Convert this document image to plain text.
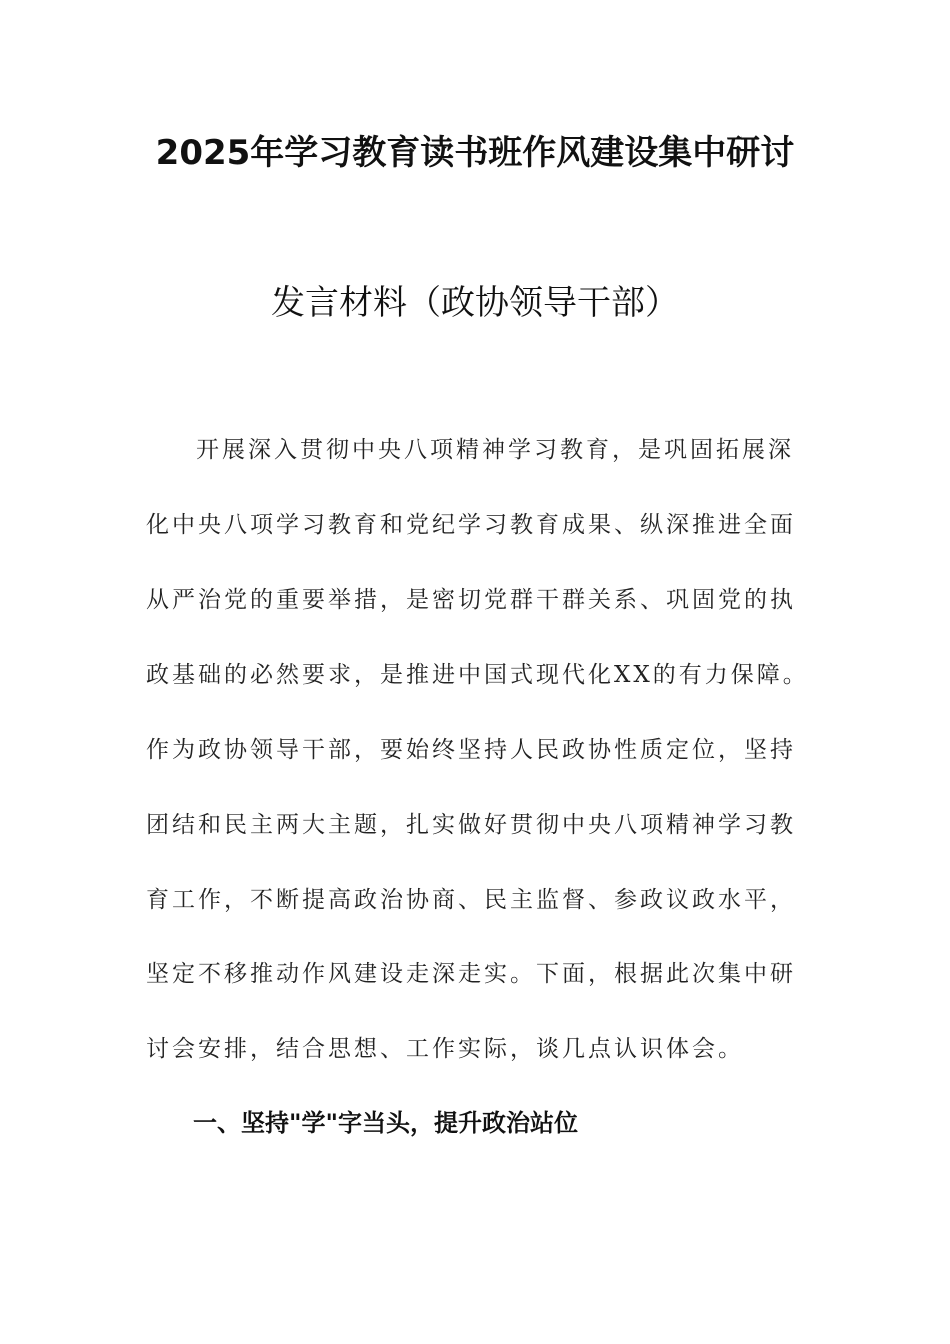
2025年学习教育读书班作风建设集中研讨
发言材料（政协领导干部）
开展深入贯彻中央八项精神学习教育，是巩固拓展深
化中央八项学习教育和党纪学习教育成果、纵深推进全面
从严治党的重要举措，是密切党群干群关系、巩固党的执
政基础的必然要求，是推进中国式现代化XX的有力保障。
作为政协领导干部，要始终坚持人民政协性质定位，坚持
团结和民主两大主题，扎实做好贯彻中央八项精神学习教
育工作，不断提高政治协商、民主监督、参政议政水平，
坚定不移推动作风建设走深走实。下面，根据此次集中研
讨会安排，结合思想、工作实际，谈几点认识体会。
一、坚持"学"字当头，提升政治站位
